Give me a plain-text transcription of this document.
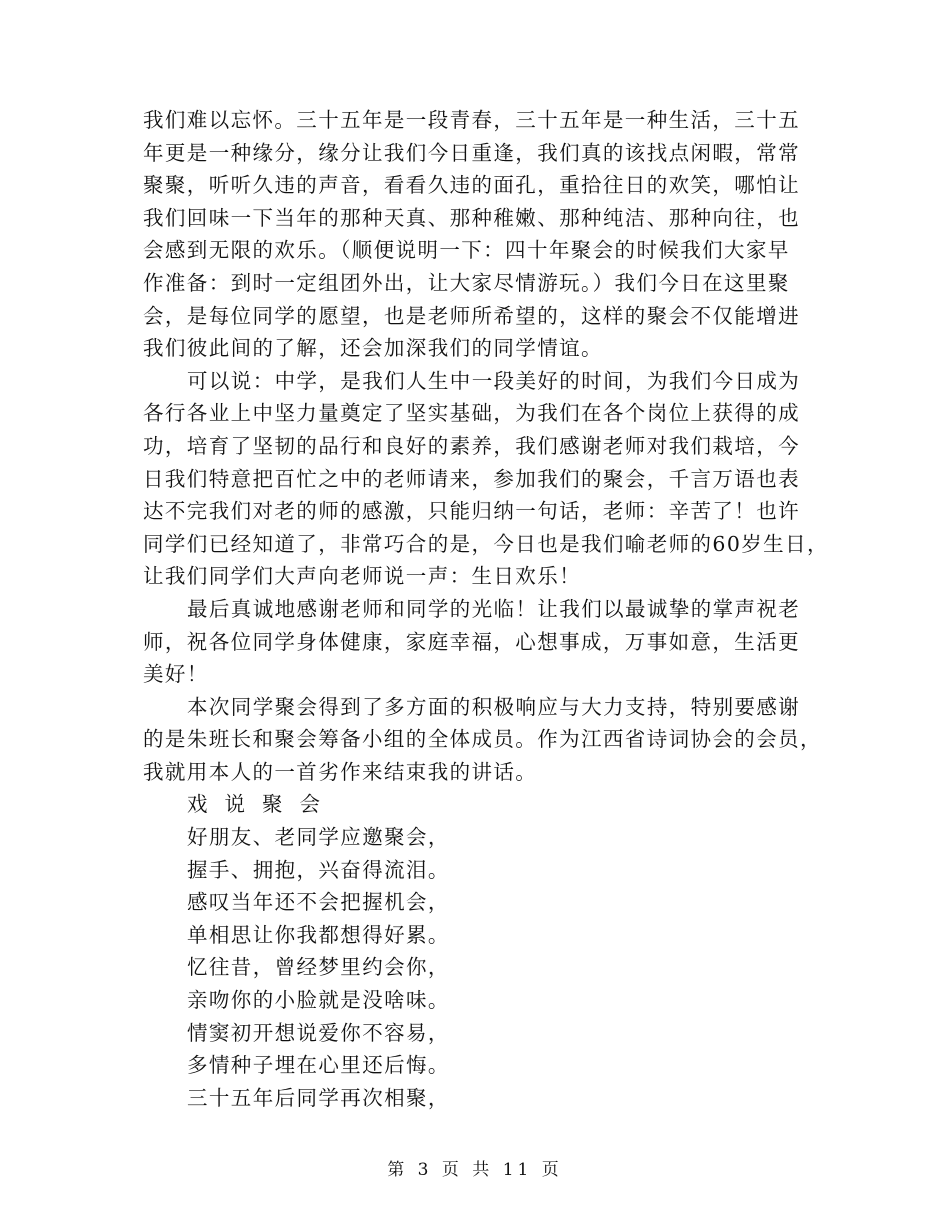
我们难以忘怀。三十五年是一段青春，三十五年是一种生活，三十五
年更是一种缘分，缘分让我们今日重逢，我们真的该找点闲暇，常常
聚聚，听听久违的声音，看看久违的面孔，重拾往日的欢笑，哪怕让
我们回味一下当年的那种天真、那种稚嫩、那种纯洁、那种向往，也
会感到无限的欢乐。（顺便说明一下：四十年聚会的时候我们大家早
作准备：到时一定组团外出，让大家尽情游玩。）我们今日在这里聚
会，是每位同学的愿望，也是老师所希望的，这样的聚会不仅能增进
我们彼此间的了解，还会加深我们的同学情谊。
可以说：中学，是我们人生中一段美好的时间，为我们今日成为
各行各业上中坚力量奠定了坚实基础，为我们在各个岗位上获得的成
功，培育了坚韧的品行和良好的素养，我们感谢老师对我们栽培，今
日我们特意把百忙之中的老师请来，参加我们的聚会，千言万语也表
达不完我们对老的师的感激，只能归纳一句话，老师：辛苦了！也许
同学们已经知道了，非常巧合的是，今日也是我们喻老师的60岁生日，
让我们同学们大声向老师说一声：生日欢乐！
最后真诚地感谢老师和同学的光临！让我们以最诚挚的掌声祝老
师，祝各位同学身体健康，家庭幸福，心想事成，万事如意，生活更
美好！
本次同学聚会得到了多方面的积极响应与大力支持，特别要感谢
的是朱班长和聚会筹备小组的全体成员。作为江西省诗词协会的会员，
我就用本人的一首劣作来结束我的讲话。
戏说聚会
好朋友、老同学应邀聚会，
握手、拥抱，兴奋得流泪。
感叹当年还不会把握机会，
单相思让你我都想得好累。
忆往昔，曾经梦里约会你，
亲吻你的小脸就是没啥味。
情窦初开想说爱你不容易，
多情种子埋在心里还后悔。
三十五年后同学再次相聚，
第 3 页 共 11 页
